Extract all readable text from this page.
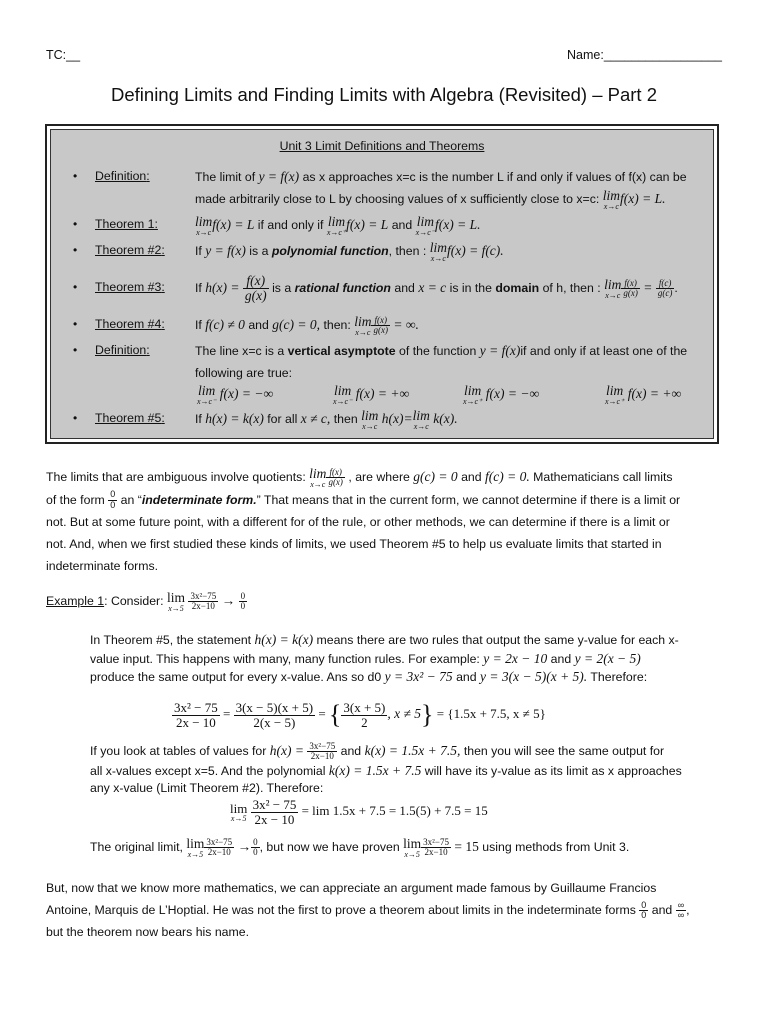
TC:__	Name:_________________
Defining Limits and Finding Limits with Algebra (Revisited) – Part 2
Unit 3 Limit Definitions and Theorems
• Definition:	The limit of y = f(x) as x approaches x=c is the number L if and only if values of f(x) can be
made arbitrarily close to L by choosing values of x sufficiently close to x=c: lim
x→c f(x) = L.
• Theorem 1:	lim
x→c f(x) = L if and only if lim
x→c⁺ f(x) = L and lim
x→c⁻ f(x) = L.
• Theorem #2: If y = f(x) is a polynomial function, then : lim
x→c f(x) = f(c).
• Theorem #3: If $h(x) = \frac{f(x)}{g(x)}$ is a rational function and x = c is in the domain of h, then : lim
$x\to c \frac{f(x)}{g(x)} = \frac{f(c)}{g(c)}$ .
• Theorem #4: If f(c) ≠ 0 and g(c) = 0, then: lim
$x\to c \frac{f(x)}{g(x)}$ = ∞.
• Definition:	The line x=c is a vertical asymptote of the function y = f(x)if and only if at least one of the
following are true:
lim
x→c⁻ f(x) = −∞	lim
x→c⁻ f(x) = +∞	lim
x→c⁺ f(x) = −∞	lim
x→c⁺ f(x) = +∞
• Theorem #5: If h(x) = k(x) for all x ≠ c, then lim
x→c h(x)= lim
x→c k(x).
The limits that are ambiguous involve quotients: lim
$x\to c \frac{f(x)}{g(x)}$ , are where g(c) = 0 and f(c) = 0. Mathematicians call limits
of the form $\frac{0}{0}$ an “indeterminate form.” That means that in the current form, we cannot determine if there is a limit or
not. But at some future point, with a different for of the rule, or other methods, we can determine if there is a limit or
not. And, when we first studied these kinds of limits, we used Theorem #5 to help us evaluate limits that started in
indeterminate forms.
Example 1: Consider: lim
x→5
$\frac{\text{3x²−75}}{2x-10} \to \frac{0}{0}$
In Theorem #5, the statement h(x) = k(x) means there are two rules that output the same y-value for each x-
value input. This happens with many, many function rules. For example: y = 2x − 10 and y = 2(x − 5)
produce the same output for every x-value. Ans so d0 y = 3x² − 75 and y = 3(x − 5)(x + 5). Therefore:
$\frac{\text{3x² − 75}}{2x - 10} = \frac{3(x - 5)(x + 5)}{2(x - 5)}$ = { $\frac{3(x + 5)}{2}$ , x ≠ 5} = {1.5x + 7.5, x ≠ 5}
If you look at tables of values for $h(x) = \frac{\text{3x²−75}}{2x-10}$ and k(x) = 1.5x + 7.5, then you will see the same output for
all x-values except x=5. And the polynomial k(x) = 1.5x + 7.5 will have its y-value as its limit as x approaches
any x-value (Limit Theorem #2). Therefore:
lim
x→5
$\frac{\text{3x² − 75}}{2x - 10} = \lim 1.5x + 7.5 = 1.5(5) + 7.5 = 15$
The original limit, lim
$x\to 5 \frac{\text{3x²−75}}{2x-10} \to \frac{0}{0}$ , but now we have proven lim
$x\to 5 \frac{\text{3x²−75}}{2x-10} = 15$ using methods from Unit 3.
But, now that we know more mathematics, we can appreciate an argument made famous by Guillaume Francios
Antoine, Marquis de L’Hoptial. He was not the first to prove a theorem about limits in the indeterminate forms $\frac{0}{0}$ and $\frac{\infty}{\infty}$ ,
but the theorem now bears his name.
